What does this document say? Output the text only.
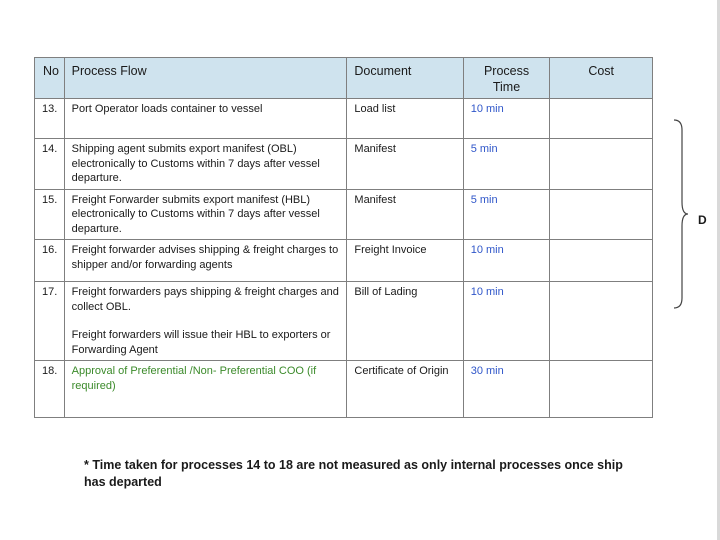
No	Process Flow	Document	Process Time	Cost
13.	Port Operator loads container to vessel	Load list	10 min	
14.	Shipping agent submits export manifest (OBL) electronically to Customs within 7 days after vessel departure.	Manifest	5 min	
15.	Freight Forwarder submits export manifest (HBL) electronically to Customs within 7 days after vessel departure.	Manifest	5 min	
16.	Freight forwarder advises shipping & freight charges to shipper and/or forwarding agents	Freight Invoice	10 min	
17.	Freight forwarders pays shipping & freight charges and collect OBL.
Freight forwarders will issue their HBL to exporters or Forwarding Agent	Bill of Lading	10 min	
18.	Approval of Preferential /Non- Preferential COO (if required)	Certificate of Origin	30 min	
D
* Time taken for processes 14 to 18 are not measured as only internal processes once ship has departed
